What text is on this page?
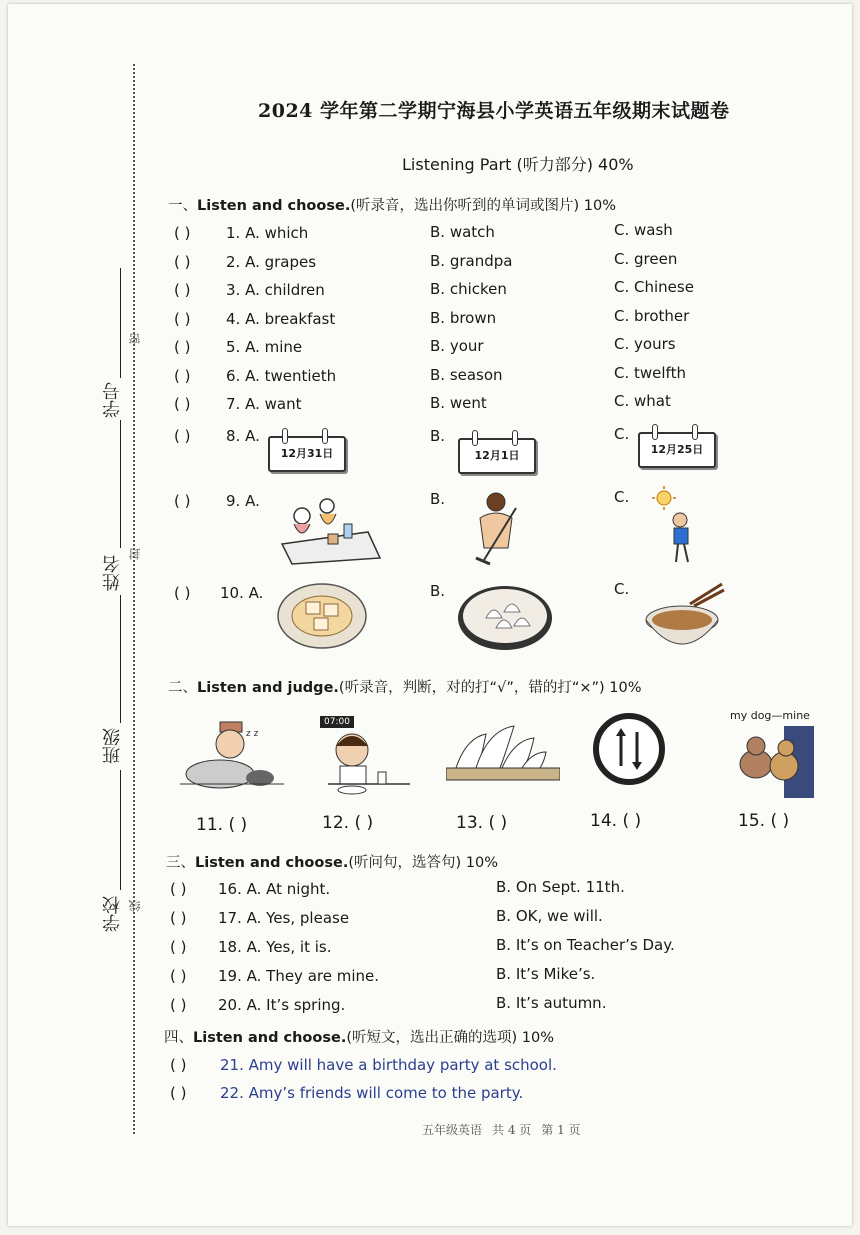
学号
密
姓名
封
班级
学校 线
2024 学年第二学期宁海县小学英语五年级期末试题卷
Listening Part (听力部分) 40%
一、Listen and choose.(听录音，选出你听到的单词或图片) 10%
( ) 1. A. which	B. watch	C. wash
( ) 2. A. grapes	B. grandpa	C. green
( ) 3. A. children	B. chicken	C. Chinese
( ) 4. A. breakfast	B. brown	C. brother
( ) 5. A. mine	B. your	C. yours
( ) 6. A. twentieth	B. season	C. twelfth
( ) 7. A. want	B. went	C. what
( ) 8. A.
12月31日
B.
12月1日
C.
12月25日
( ) 9. A.	B.	C.
( ) 10. A.	B.	C.
二、Listen and judge.(听录音，判断，对的打“√”，错的打“×”) 10%
z z
07:00	my dog—mine
11. ( )	12. ( )	13. ( )	14. ( )	15. ( )
三、Listen and choose.(听问句，选答句) 10%
( ) 16. A. At night.	B. On Sept. 11th.
( ) 17. A. Yes, please	B. OK, we will.
( ) 18. A. Yes, it is.	B. It’s on Teacher’s Day.
( ) 19. A. They are mine.	B. It’s Mike’s.
( ) 20. A. It’s spring.	B. It’s autumn.
四、Listen and choose.(听短文，选出正确的选项) 10%
( ) 21. Amy will have a birthday party at school.
( ) 22. Amy’s friends will come to the party.
五年级英语 共 4 页 第 1 页
